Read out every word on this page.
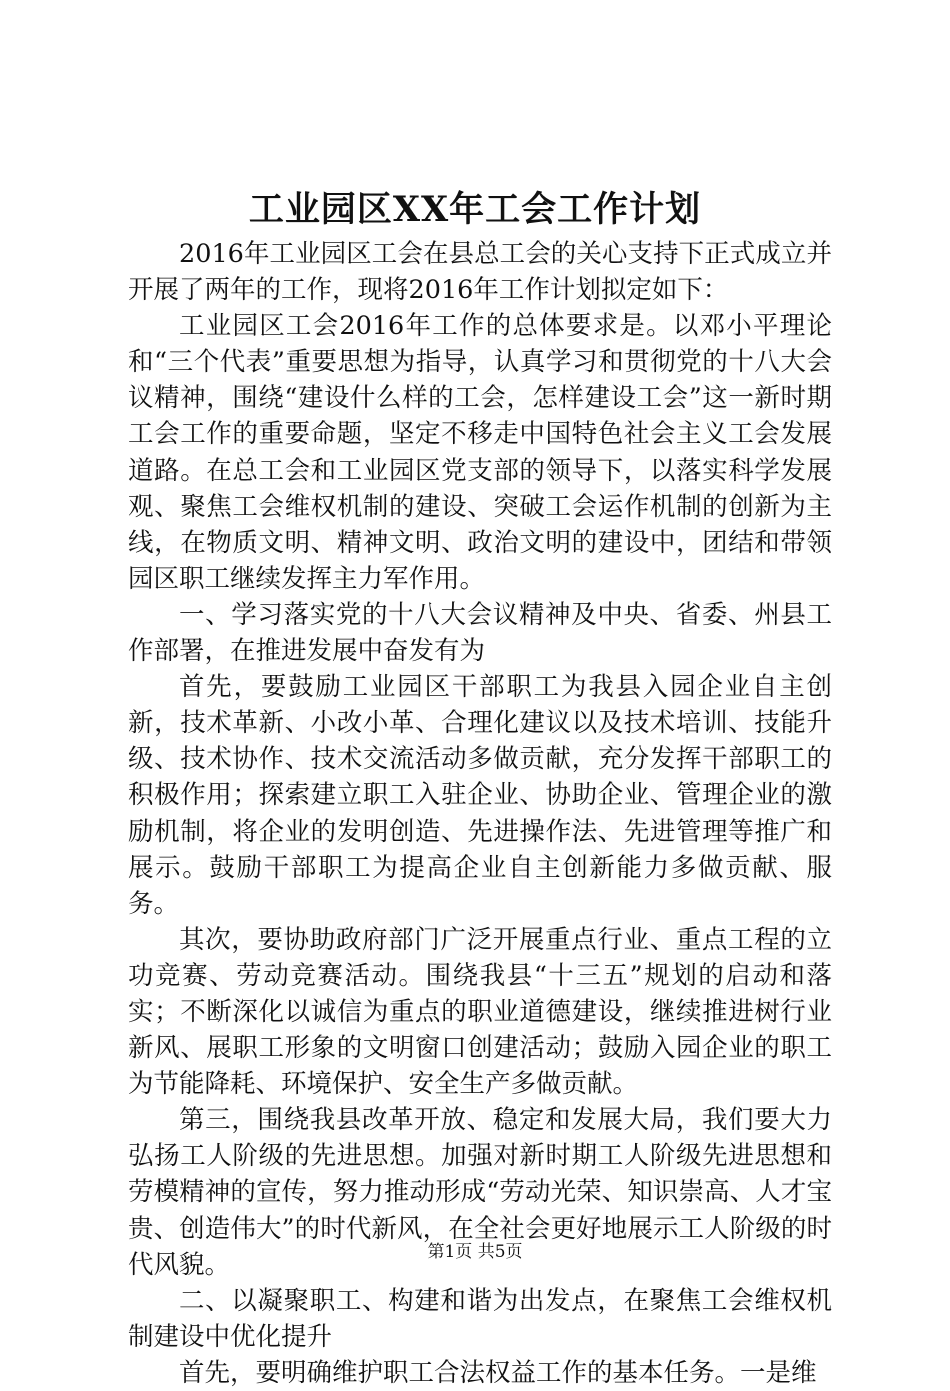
工业园区XX年工会工作计划

2016年工业园区工会在县总工会的关心支持下正式成立并开展了两年的工作，现将2016年工作计划拟定如下：

工业园区工会2016年工作的总体要求是。以邓小平理论和“三个代表”重要思想为指导，认真学习和贯彻党的十八大会议精神，围绕“建设什么样的工会，怎样建设工会”这一新时期工会工作的重要命题，坚定不移走中国特色社会主义工会发展道路。在总工会和工业园区党支部的领导下，以落实科学发展观、聚焦工会维权机制的建设、突破工会运作机制的创新为主线，在物质文明、精神文明、政治文明的建设中，团结和带领园区职工继续发挥主力军作用。

一、学习落实党的十八大会议精神及中央、省委、州县工作部署，在推进发展中奋发有为

首先，要鼓励工业园区干部职工为我县入园企业自主创新，技术革新、小改小革、合理化建议以及技术培训、技能升级、技术协作、技术交流活动多做贡献，充分发挥干部职工的积极作用；探索建立职工入驻企业、协助企业、管理企业的激励机制，将企业的发明创造、先进操作法、先进管理等推广和展示。鼓励干部职工为提高企业自主创新能力多做贡献、服务。

其次，要协助政府部门广泛开展重点行业、重点工程的立功竞赛、劳动竞赛活动。围绕我县“十三五”规划的启动和落实；不断深化以诚信为重点的职业道德建设，继续推进树行业新风、展职工形象的文明窗口创建活动；鼓励入园企业的职工为节能降耗、环境保护、安全生产多做贡献。

第三，围绕我县改革开放、稳定和发展大局，我们要大力弘扬工人阶级的先进思想。加强对新时期工人阶级先进思想和劳模精神的宣传，努力推动形成“劳动光荣、知识崇高、人才宝贵、创造伟大”的时代新风，在全社会更好地展示工人阶级的时代风貌。

二、以凝聚职工、构建和谐为出发点，在聚焦工会维权机制建设中优化提升

首先，要明确维护职工合法权益工作的基本任务。一是维

第1页 共5页
